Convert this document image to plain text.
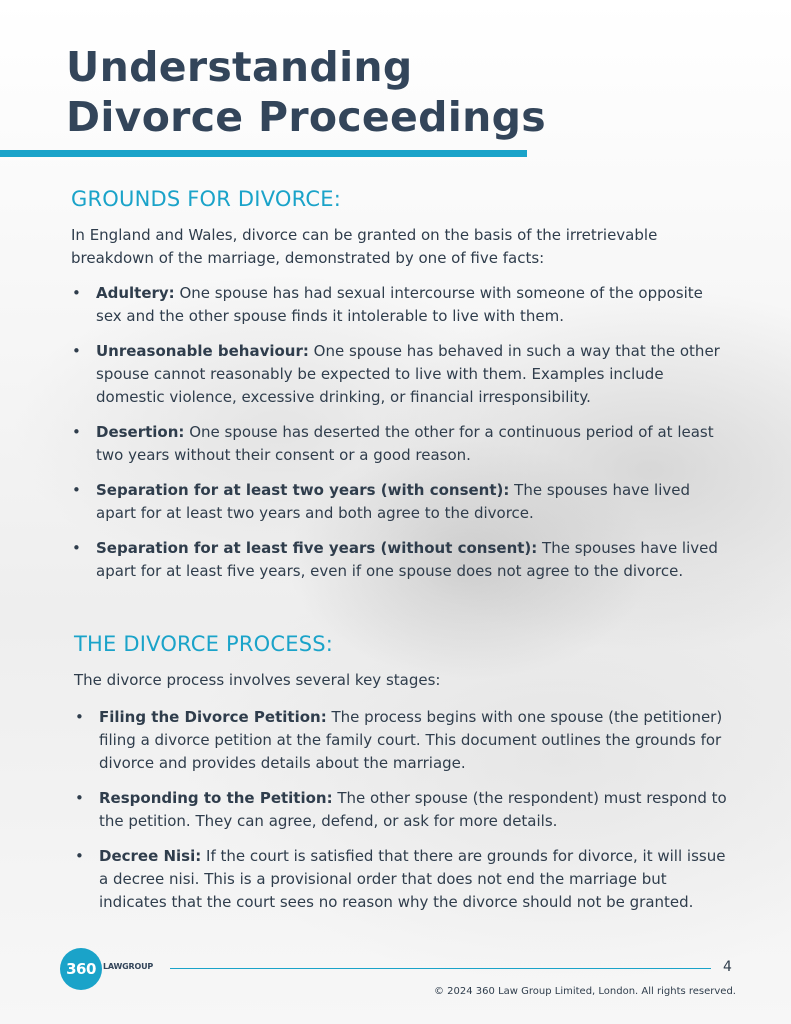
Understanding
Divorce Proceedings
GROUNDS FOR DIVORCE:

In England and Wales, divorce can be granted on the basis of the irretrievable breakdown of the marriage, demonstrated by one of five facts:

• Adultery: One spouse has had sexual intercourse with someone of the opposite sex and the other spouse finds it intolerable to live with them.
• Unreasonable behaviour: One spouse has behaved in such a way that the other spouse cannot reasonably be expected to live with them. Examples include domestic violence, excessive drinking, or financial irresponsibility.
• Desertion: One spouse has deserted the other for a continuous period of at least two years without their consent or a good reason.
• Separation for at least two years (with consent): The spouses have lived apart for at least two years and both agree to the divorce.
• Separation for at least five years (without consent): The spouses have lived apart for at least five years, even if one spouse does not agree to the divorce.
THE DIVORCE PROCESS:

The divorce process involves several key stages:

• Filing the Divorce Petition: The process begins with one spouse (the petitioner) filing a divorce petition at the family court. This document outlines the grounds for divorce and provides details about the marriage.
• Responding to the Petition: The other spouse (the respondent) must respond to the petition. They can agree, defend, or ask for more details.
• Decree Nisi: If the court is satisfied that there are grounds for divorce, it will issue a decree nisi. This is a provisional order that does not end the marriage but indicates that the court sees no reason why the divorce should not be granted.
360 LAWGROUP	4
© 2024 360 Law Group Limited, London. All rights reserved.
